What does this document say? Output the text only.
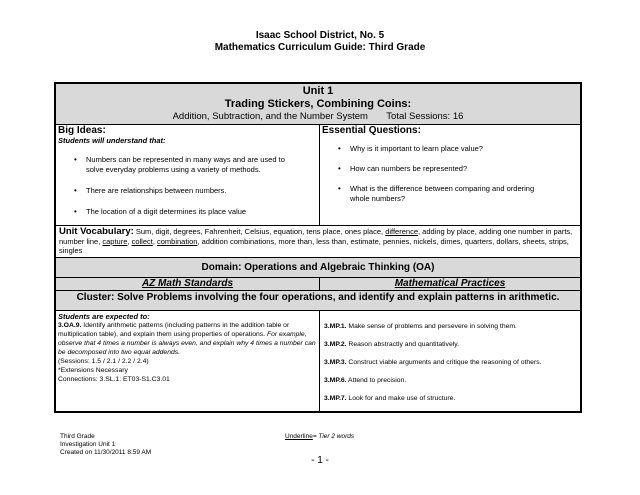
Isaac School District, No. 5
Mathematics Curriculum Guide: Third Grade
Unit 1
Trading Stickers, Combining Coins:
Addition, Subtraction, and the Number System Total Sessions: 16
Big Ideas:
Students will understand that:
• Numbers can be represented in many ways and are used to solve everyday problems using a variety of methods.
• There are relationships between numbers.
• The location of a digit determines its place value
Essential Questions:
• Why is it important to learn place value?
• How can numbers be represented?
• What is the difference between comparing and ordering whole numbers?
Unit Vocabulary: Sum, digit, degrees, Fahrenheit, Celsius, equation, tens place, ones place, difference, adding by place, adding one number in parts, number line, capture, collect, combination, addition combinations, more than, less than, estimate, pennies, nickels, dimes, quarters, dollars, sheets, strips, singles
Domain: Operations and Algebraic Thinking (OA)
AZ Math Standards	Mathematical Practices
Cluster: Solve Problems involving the four operations, and identify and explain patterns in arithmetic.
Students are expected to:
3.OA.9. Identify arithmetic patterns (including patterns in the addition table or multiplication table), and explain them using properties of operations. For example, observe that 4 times a number is always even, and explain why 4 times a number can be decomposed into two equal addends.
(Sessions: 1.5 / 2.1 / 2.2 / 2.4)
*Extensions Necessary
Connections: 3.SL.1: ET03-S1.C3.01
3.MP.1. Make sense of problems and persevere in solving them.
3.MP.2. Reason abstractly and quantitatively.
3.MP.3. Construct viable arguments and critique the reasoning of others.
3.MP.6. Attend to precision.
3.MP.7. Look for and make use of structure.
Third Grade
Investigation Unit 1
Created on 11/30/2011 8:59 AM
Underline= Tier 2 words
- 1 -
